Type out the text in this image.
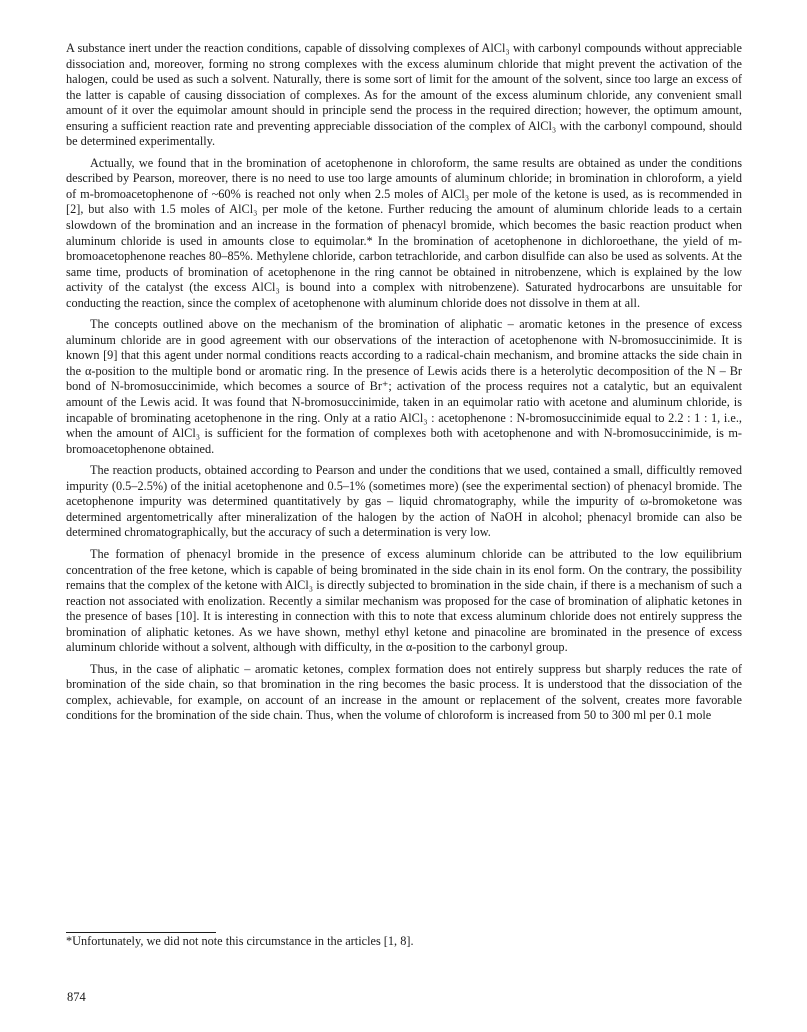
A substance inert under the reaction conditions, capable of dissolving complexes of AlCl₃ with carbonyl compounds without appreciable dissociation and, moreover, forming no strong complexes with the excess aluminum chloride that might prevent the activation of the halogen, could be used as such a solvent. Naturally, there is some sort of limit for the amount of the solvent, since too large an excess of the latter is capable of causing dissociation of complexes. As for the amount of the excess aluminum chloride, any convenient small amount of it over the equimolar amount should in principle send the process in the required direction; however, the optimum amount, ensuring a sufficient reaction rate and preventing appreciable dissociation of the complex of AlCl₃ with the carbonyl compound, should be determined experimentally.

Actually, we found that in the bromination of acetophenone in chloroform, the same results are obtained as under the conditions described by Pearson, moreover, there is no need to use too large amounts of aluminum chloride; in bromination in chloroform, a yield of m-bromoacetophenone of ~60% is reached not only when 2.5 moles of AlCl₃ per mole of the ketone is used, as is recommended in [2], but also with 1.5 moles of AlCl₃ per mole of the ketone. Further reducing the amount of aluminum chloride leads to a certain slowdown of the bromination and an increase in the formation of phenacyl bromide, which becomes the basic reaction product when aluminum chloride is used in amounts close to equimolar.* In the bromination of acetophenone in dichloroethane, the yield of m-bromoacetophenone reaches 80–85%. Methylene chloride, carbon tetrachloride, and carbon disulfide can also be used as solvents. At the same time, products of bromination of acetophenone in the ring cannot be obtained in nitrobenzene, which is explained by the low activity of the catalyst (the excess AlCl₃ is bound into a complex with nitrobenzene). Saturated hydrocarbons are unsuitable for conducting the reaction, since the complex of acetophenone with aluminum chloride does not dissolve in them at all.

The concepts outlined above on the mechanism of the bromination of aliphatic – aromatic ketones in the presence of excess aluminum chloride are in good agreement with our observations of the interaction of acetophenone with N-bromosuccinimide. It is known [9] that this agent under normal conditions reacts according to a radical-chain mechanism, and bromine attacks the side chain in the α-position to the multiple bond or aromatic ring. In the presence of Lewis acids there is a heterolytic decomposition of the N – Br bond of N-bromosuccinimide, which becomes a source of Br⁺; activation of the process requires not a catalytic, but an equivalent amount of the Lewis acid. It was found that N-bromosuccinimide, taken in an equimolar ratio with acetone and aluminum chloride, is incapable of brominating acetophenone in the ring. Only at a ratio AlCl₃ : acetophenone : N-bromosuccinimide equal to 2.2 : 1 : 1, i.e., when the amount of AlCl₃ is sufficient for the formation of complexes both with acetophenone and with N-bromosuccinimide, is m-bromoacetophenone obtained.

The reaction products, obtained according to Pearson and under the conditions that we used, contained a small, difficultly removed impurity (0.5–2.5%) of the initial acetophenone and 0.5–1% (sometimes more) (see the experimental section) of phenacyl bromide. The acetophenone impurity was determined quantitatively by gas – liquid chromatography, while the impurity of ω-bromoketone was determined argentometrically after mineralization of the halogen by the action of NaOH in alcohol; phenacyl bromide can also be determined chromatographically, but the accuracy of such a determination is very low.

The formation of phenacyl bromide in the presence of excess aluminum chloride can be attributed to the low equilibrium concentration of the free ketone, which is capable of being brominated in the side chain in its enol form. On the contrary, the possibility remains that the complex of the ketone with AlCl₃ is directly subjected to bromination in the side chain, if there is a mechanism of such a reaction not associated with enolization. Recently a similar mechanism was proposed for the case of bromination of aliphatic ketones in the presence of bases [10]. It is interesting in connection with this to note that excess aluminum chloride does not entirely suppress the bromination of aliphatic ketones. As we have shown, methyl ethyl ketone and pinacoline are brominated in the presence of excess aluminum chloride without a solvent, although with difficulty, in the α-position to the carbonyl group.

Thus, in the case of aliphatic – aromatic ketones, complex formation does not entirely suppress but sharply reduces the rate of bromination of the side chain, so that bromination in the ring becomes the basic process. It is understood that the dissociation of the complex, achievable, for example, on account of an increase in the amount or replacement of the solvent, creates more favorable conditions for the bromination of the side chain. Thus, when the volume of chloroform is increased from 50 to 300 ml per 0.1 mole

*Unfortunately, we did not note this circumstance in the articles [1, 8].
874
